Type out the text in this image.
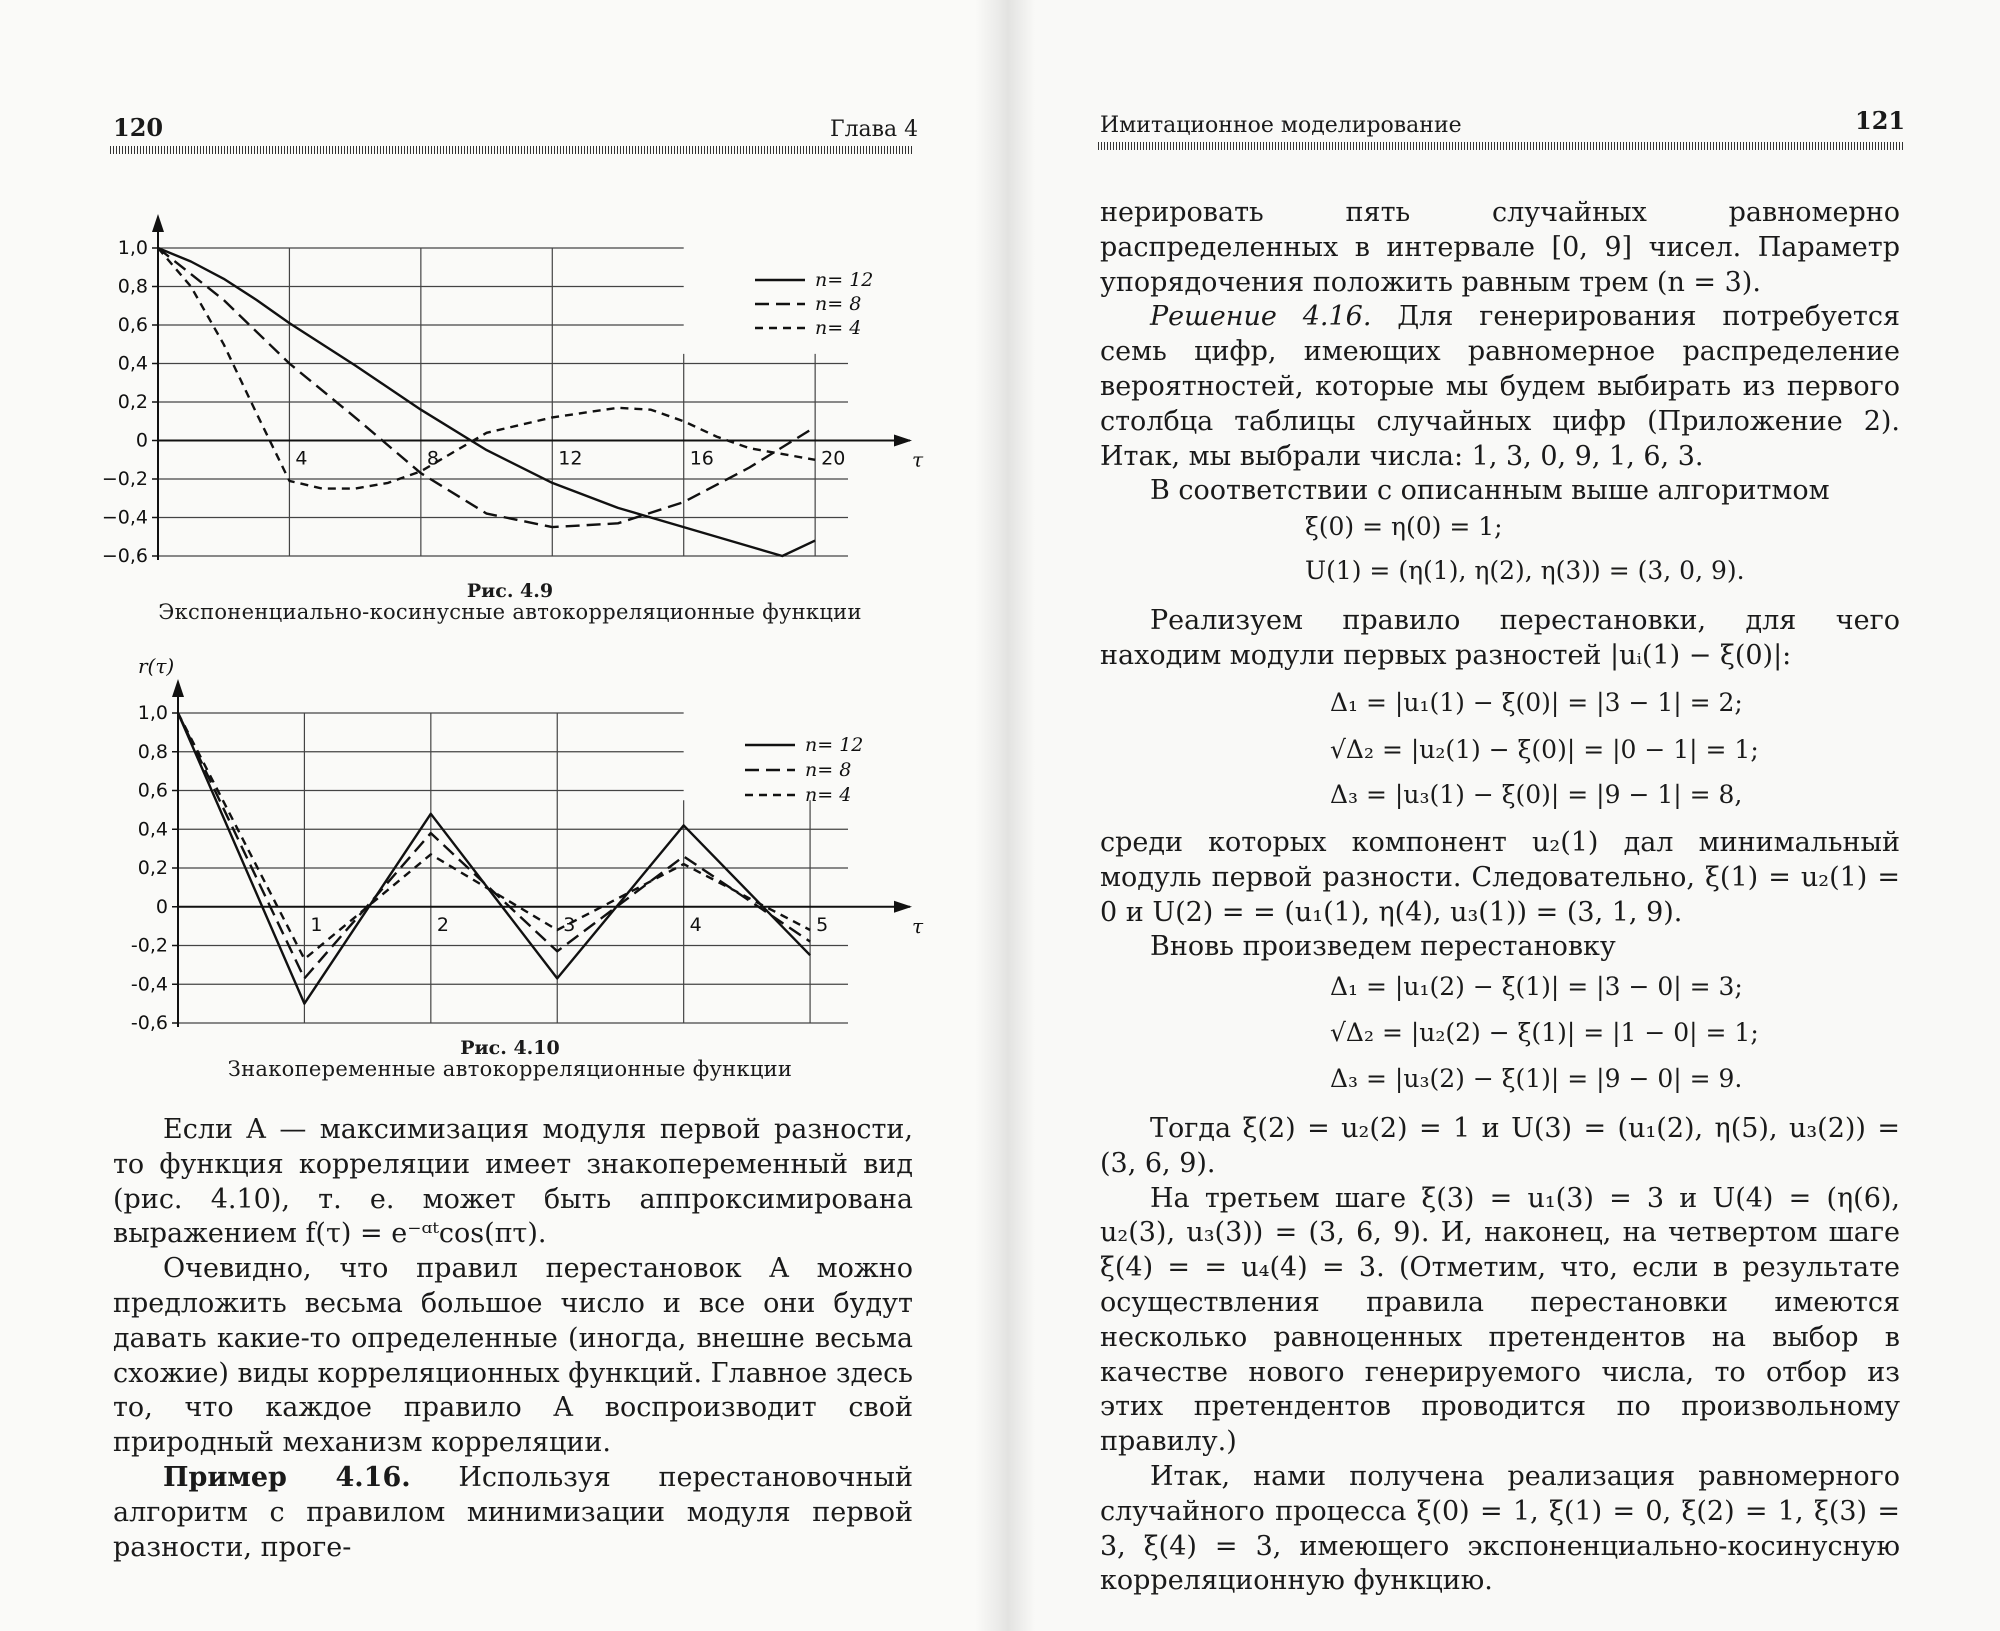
120	Глава 4
1,0
0,8
0,6
0,4
0,2
0
−0,2
−0,4
−0,6
τ
4	8	12	16	20
n= 12
n= 8
n= 4
Рис. 4.9
Экспоненциально-косинусные автокорреляционные функции
1,0
0,8
0,6
0,4
0,2
0
-0,2
-0,4
-0,6
r(τ)
τ
1	2	3	4	5
n= 12
n= 8
n= 4
Рис. 4.10
Знакопеременные автокорреляционные функции

Если A — максимизация модуля первой разности, то функция корреляции имеет знакопеременный вид (рис. 4.10), т. е. может быть аппроксимирована выражением f(τ) = e⁻ᵅᵗcos(πτ).

Очевидно, что правил перестановок A можно предложить весьма большое число и все они будут давать какие-то определенные (иногда, внешне весьма схожие) виды корреляционных функций. Главное здесь то, что каждое правило A воспроизводит свой природный механизм корреляции.

Пример 4.16. Используя перестановочный алгоритм с правилом минимизации модуля первой разности, проге-

Имитационное моделирование	121

нерировать пять случайных равномерно распределенных в интервале [0, 9] чисел. Параметр упорядочения положить равным трем (n = 3).

Решение 4.16. Для генерирования потребуется семь цифр, имеющих равномерное распределение вероятностей, которые мы будем выбирать из первого столбца таблицы случайных цифр (Приложение 2). Итак, мы выбрали числа: 1, 3, 0, 9, 1, 6, 3.

В соответствии с описанным выше алгоритмом

ξ(0) = η(0) = 1;
U(1) = (η(1), η(2), η(3)) = (3, 0, 9).

Реализуем правило перестановки, для чего находим модули первых разностей |uᵢ(1) − ξ(0)|:

Δ₁ = |u₁(1) − ξ(0)| = |3 − 1| = 2;
√Δ₂ = |u₂(1) − ξ(0)| = |0 − 1| = 1;
Δ₃ = |u₃(1) − ξ(0)| = |9 − 1| = 8,

среди которых компонент u₂(1) дал минимальный модуль первой разности. Следовательно, ξ(1) = u₂(1) = 0 и U(2) = = (u₁(1), η(4), u₃(1)) = (3, 1, 9).

Вновь произведем перестановку

Δ₁ = |u₁(2) − ξ(1)| = |3 − 0| = 3;
√Δ₂ = |u₂(2) − ξ(1)| = |1 − 0| = 1;
Δ₃ = |u₃(2) − ξ(1)| = |9 − 0| = 9.

Тогда ξ(2) = u₂(2) = 1 и U(3) = (u₁(2), η(5), u₃(2)) = (3, 6, 9).

На третьем шаге ξ(3) = u₁(3) = 3 и U(4) = (η(6), u₂(3), u₃(3)) = (3, 6, 9). И, наконец, на четвертом шаге ξ(4) = = u₄(4) = 3. (Отметим, что, если в результате осуществления правила перестановки имеются несколько равноценных претендентов на выбор в качестве нового генерируемого числа, то отбор из этих претендентов проводится по произвольному правилу.)

Итак, нами получена реализация равномерного случайного процесса ξ(0) = 1, ξ(1) = 0, ξ(2) = 1, ξ(3) = 3, ξ(4) = 3, имеющего экспоненциально-косинусную корреляционную функцию.
